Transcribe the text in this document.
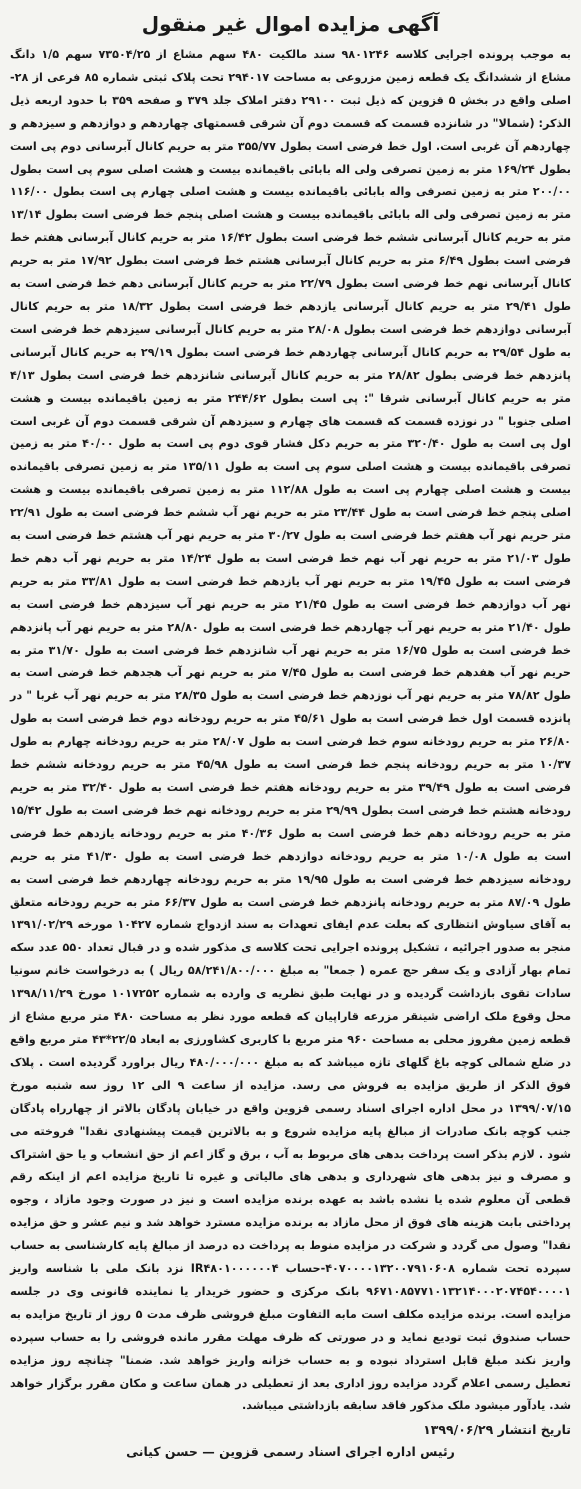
آگهی مزایده اموال غیر منقول

به موجب پرونده اجرایی کلاسه ۹۸۰۱۲۴۶ سند مالکیت ۴۸۰ سهم مشاع از ۷۳۵۰۴/۲۵ سهم ۱/۵ دانگ مشاع از ششدانگ یک قطعه زمین مزروعی به مساحت ۲۹۴۰۱۷ تحت پلاک ثبتی شماره ۸۵ فرعی از ۲۸- اصلی واقع در بخش ۵ قزوین که ذیل ثبت ۲۹۱۰۰ دفتر املاک جلد ۳۷۹ و صفحه ۳۵۹ با حدود اربعه ذیل الذکر: (شمالا" در شانزده قسمت که قسمت دوم آن شرقی قسمتهای چهاردهم و دوازدهم و سیزدهم و چهاردهم آن غربی است. اول خط فرضی است بطول ۳۵۵/۷۷ متر به حریم کانال آبرسانی دوم پی است بطول ۱۶۹/۲۴ متر به زمین تصرفی ولی اله بابائی باقیمانده بیست و هشت اصلی سوم پی است بطول ۲۰۰/۰۰ متر به زمین تصرفی واله بابائی باقیمانده بیست و هشت اصلی چهارم پی است بطول ۱۱۶/۰۰ متر به زمین تصرفی ولی اله بابائی باقیمانده بیست و هشت اصلی پنجم خط فرضی است بطول ۱۳/۱۴ متر به حریم کانال آبرسانی ششم خط فرضی است بطول ۱۶/۴۲ متر به حریم کانال آبرسانی هفتم خط فرضی است بطول ۶/۴۹ متر به حریم کانال آبرسانی هشتم خط فرضی است بطول ۱۷/۹۲ متر به حریم کانال آبرسانی نهم خط فرضی است بطول ۲۲/۷۹ متر به حریم کانال آبرسانی دهم خط فرضی است به طول ۲۹/۴۱ متر به حریم کانال آبرسانی یازدهم خط فرضی است بطول ۱۸/۳۲ متر به حریم کانال آبرسانی دوازدهم خط فرضی است بطول ۲۸/۰۸ متر به حریم کانال آبرسانی سیزدهم خط فرضی است به طول ۲۹/۵۴ به حریم کانال آبرسانی چهاردهم خط فرضی است بطول ۲۹/۱۹ به حریم کانال آبرسانی پانزدهم خط فرضی بطول ۲۸/۸۲ متر به حریم کانال آبرسانی شانزدهم خط فرضی است بطول ۴/۱۳ متر به حریم کانال آبرسانی شرقا ": پی است بطول ۲۴۴/۶۲ متر به زمین باقیمانده بیست و هشت اصلی جنوبا " در نوزده قسمت که قسمت های چهارم و سیزدهم آن شرقی قسمت دوم آن غربی است اول پی است به طول ۳۲۰/۴۰ متر به حریم دکل فشار قوی دوم پی است به طول ۴۰/۰۰ متر به زمین تصرفی باقیمانده بیست و هشت اصلی سوم پی است به طول ۱۳۵/۱۱ متر به زمین تصرفی باقیمانده بیست و هشت اصلی چهارم پی است به طول ۱۱۲/۸۸ متر به زمین تصرفی باقیمانده بیست و هشت اصلی پنجم خط فرضی است به طول ۲۳/۴۴ متر به حریم نهر آب ششم خط فرضی است به طول ۲۲/۹۱ متر حریم نهر آب هفتم خط فرضی است به طول ۳۰/۲۷ متر به حریم نهر آب هشتم خط فرضی است به طول ۲۱/۰۳ متر به حریم نهر آب نهم خط فرضی است به طول ۱۴/۲۴ متر به حریم نهر آب دهم خط فرضی است به طول ۱۹/۴۵ متر به حریم نهر آب یازدهم خط فرضی است به طول ۳۳/۸۱ متر به حریم نهر آب دوازدهم خط فرضی است به طول ۲۱/۴۵ متر به حریم نهر آب سیزدهم خط فرضی است به طول ۲۱/۴۰ متر به حریم نهر آب چهاردهم خط فرضی است به طول ۲۸/۸۰ متر به حریم نهر آب پانزدهم خط فرضی است به طول ۱۶/۷۵ متر به حریم نهر آب شانزدهم خط فرضی است به طول ۳۱/۷۰ متر به حریم نهر آب هفدهم خط فرضی است به طول ۷/۴۵ متر به حریم نهر آب هجدهم خط فرضی است به طول ۷۸/۸۲ متر به حریم نهر آب نوزدهم خط فرضی است به طول ۲۸/۳۵ متر به حریم نهر آب غربا " در پانزده قسمت اول خط فرضی است به طول ۴۵/۶۱ متر به حریم رودخانه دوم خط فرضی است به طول ۲۶/۸۰ متر به حریم رودخانه سوم خط فرضی است به طول ۲۸/۰۷ متر به حریم رودخانه چهارم به طول ۱۰/۳۷ متر به حریم رودخانه پنجم خط فرضی است به طول ۴۵/۹۸ متر به حریم رودخانه ششم خط فرضی است به طول ۳۹/۴۹ متر به حریم رودخانه هفتم خط فرضی است به طول ۳۲/۴۰ متر به حریم رودخانه هشتم خط فرضی است بطول ۲۹/۹۹ متر به حریم رودخانه نهم خط فرضی است به طول ۱۵/۴۲ متر به حریم رودخانه دهم خط فرضی است به طول ۴۰/۳۶ متر به حریم رودخانه یازدهم خط فرضی است به طول ۱۰/۰۸ متر به حریم رودخانه دوازدهم خط فرضی است به طول ۴۱/۳۰ متر به حریم رودخانه سیزدهم خط فرضی است به طول ۱۹/۹۵ متر به حریم رودخانه چهاردهم خط فرضی است به طول ۸۷/۰۹ متر به حریم رودخانه پانزدهم خط فرضی است به طول ۶۶/۳۷ متر به حریم رودخانه متعلق به آقای سیاوش انتظاری که بعلت عدم ایفای تعهدات به سند ازدواج شماره ۱۰۴۲۷ مورخه ۱۳۹۱/۰۲/۲۹ منجر به صدور اجرائیه ، تشکیل پرونده اجرایی تحت کلاسه ی مذکور شده و در قبال تعداد ۵۵۰ عدد سکه تمام بهار آزادی و یک سفر حج عمره ( جمعا" به مبلغ ۵۸/۲۴۱/۸۰۰/۰۰۰ ریال ) به درخواست خانم سونیا سادات تقوی بازداشت گردیده و در نهایت طبق نظریه ی وارده به شماره ۱۰۱۷۲۵۲ مورخ ۱۳۹۸/۱۱/۲۹ محل وقوع ملک اراضی شینقر مزرعه قاراپیان که قطعه مورد نظر به مساحت ۴۸۰ متر مربع مشاع از قطعه زمین مفروز محلی به مساحت ۹۶۰ متر مربع با کاربری کشاورزی به ابعاد ۲۲/۵*۴۳ متر مربع واقع در ضلع شمالی کوچه باغ گلهای تازه میباشد که به مبلغ ۴۸۰/۰۰۰/۰۰۰ ریال براورد گردیده است . پلاک فوق الذکر از طریق مزایده به فروش می رسد. مزایده از ساعت ۹ الی ۱۲ روز سه شنبه مورخ ۱۳۹۹/۰۷/۱۵ در محل اداره اجرای اسناد رسمی قزوین واقع در خیابان پادگان بالاتر از چهارراه پادگان جنب کوچه بانک صادرات از مبالغ پایه مزایده شروع و به بالاترین قیمت پیشنهادی نقدا" فروخته می شود . لازم بذکر است پرداخت بدهی های مربوط به آب ، برق و گاز اعم از حق انشعاب و یا حق اشتراک و مصرف و نیز بدهی های شهرداری و بدهی های مالیاتی و غیره تا تاریخ مزایده اعم از اینکه رقم قطعی آن معلوم شده یا نشده باشد به عهده برنده مزایده است و نیز در صورت وجود مازاد ، وجوه پرداختی بابت هزینه های فوق از محل مازاد به برنده مزایده مسترد خواهد شد و نیم عشر و حق مزایده نقدا" وصول می گردد و شرکت در مزایده منوط به پرداخت ده درصد از مبالغ پایه کارشناسی به حساب سپرده تحت شماره ۴۰۷۰۰۰۰۱۳۲۰۰۷۹۱۰۶۰۸-حساب IR۴۸۰۱۰۰۰۰۰۰۴ نزد بانک ملی با شناسه واریز ۹۶۷۱۰۸۵۷۷۱۰۱۳۲۱۴۰۰۰۲۰۷۴۵۴۰۰۰۰۱ بانک مرکزی و حضور خریدار یا نماینده قانونی وی در جلسه مزایده است. برنده مزایده مکلف است مابه التفاوت مبلغ فروشی ظرف مدت ۵ روز از تاریخ مزایده به حساب صندوق ثبت تودیع نماید و در صورتی که ظرف مهلت مقرر مانده فروشی را به حساب سپرده واریز نکند مبلغ قابل استرداد نبوده و به حساب خزانه واریز خواهد شد. ضمنا" چنانچه روز مزایده تعطیل رسمی اعلام گردد مزایده روز اداری بعد از تعطیلی در همان ساعت و مکان مقرر برگزار خواهد شد. یادآور میشود ملک مذکور فاقد سابقه بازداشتی میباشد.

تاریخ انتشار ۱۳۹۹/۰۶/۲۹
رئیس اداره اجرای اسناد رسمی قزوین — حسن کیانی
